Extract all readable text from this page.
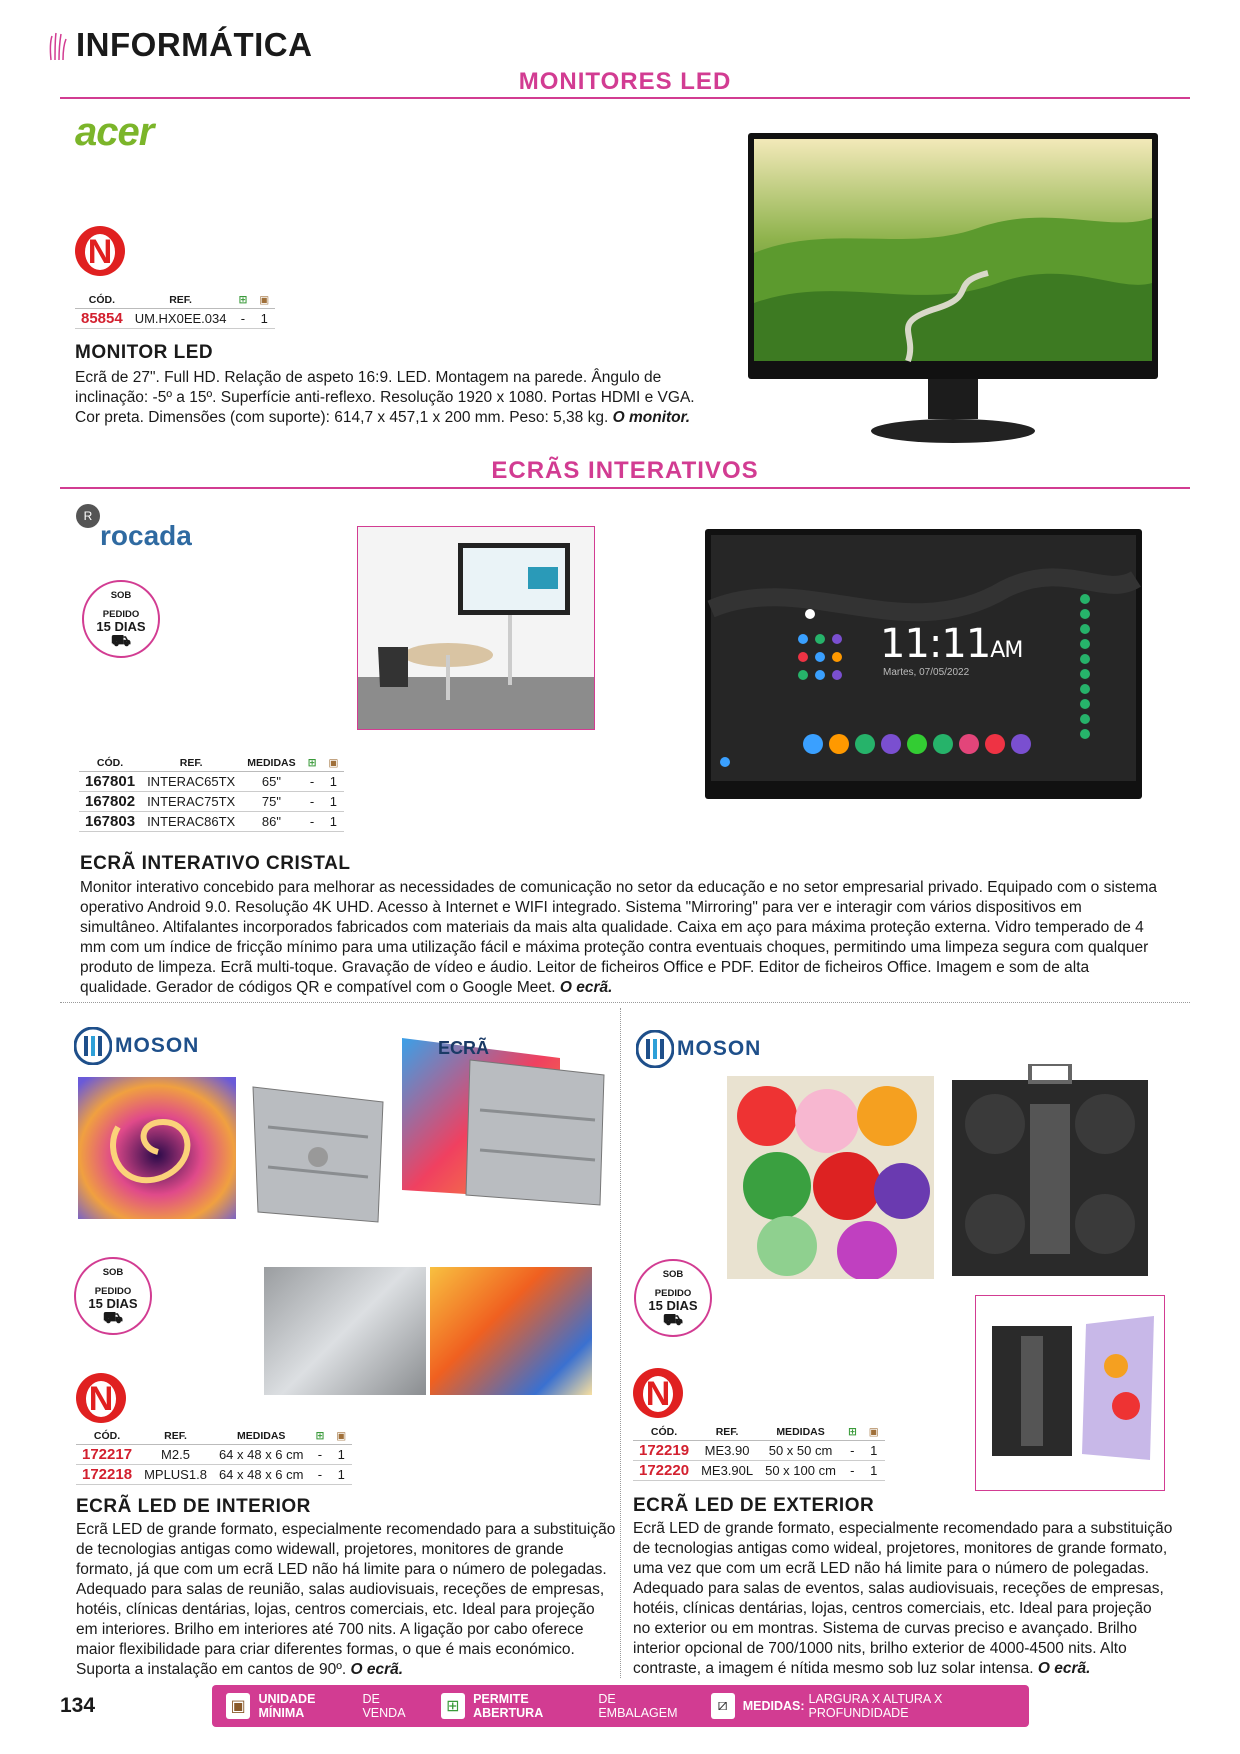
INFORMÁTICA
MONITORES LED
acer
N
CÓD.	REF.	⊞	▣
85854	UM.HX0EE.034	-	1
MONITOR LED
Ecrã de 27". Full HD. Relação de aspeto 16:9. LED. Montagem na parede. Ângulo de inclinação: -5º a 15º. Superfície anti-reflexo. Resolução 1920 x 1080. Portas HDMI e VGA. Cor preta. Dimensões (com suporte): 614,7 x 457,1 x 200 mm. Peso: 5,38 kg. O monitor.
ECRÃS INTERATIVOS
R
rocada
SOB
PEDIDO
15 DIAS
⛟	11:11AM
Martes, 07/05/2022
CÓD.	REF.	MEDIDAS	⊞	▣
167801	INTERAC65TX	65"	-	1
167802	INTERAC75TX	75"	-	1
167803	INTERAC86TX	86"	-	1
ECRÃ INTERATIVO CRISTAL
Monitor interativo concebido para melhorar as necessidades de comunicação no setor da educação e no setor empresarial privado. Equipado com o sistema operativo Android 9.0. Resolução 4K UHD. Acesso à Internet e WIFI integrado. Sistema "Mirroring" para ver e interagir com vários dispositivos em simultâneo. Altifalantes incorporados fabricados com materiais da mais alta qualidade. Caixa em aço para máxima proteção externa. Vidro temperado de 4 mm com um índice de fricção mínimo para uma utilização fácil e máxima proteção contra eventuais choques, permitindo uma limpeza segura com qualquer produto de limpeza. Ecrã multi-toque. Gravação de vídeo e áudio. Leitor de ficheiros Office e PDF. Editor de ficheiros Office. Imagem e som de alta qualidade. Gerador de códigos QR e compatível com o Google Meet. O ecrã.
MOSON	ECRÃ
SOB
PEDIDO
15 DIAS
⛟
N
CÓD.	REF.	MEDIDAS	⊞	▣
172217	M2.5	64 x 48 x 6 cm	-	1
172218	MPLUS1.8	64 x 48 x 6 cm	-	1
ECRÃ LED DE INTERIOR
Ecrã LED de grande formato, especialmente recomendado para a substituição de tecnologias antigas como widewall, projetores, monitores de grande formato, já que com um ecrã LED não há limite para o número de polegadas. Adequado para salas de reunião, salas audiovisuais, receções de empresas, hotéis, clínicas dentárias, lojas, centros comerciais, etc. Ideal para projeção em interiores. Brilho em interiores até 700 nits. A ligação por cabo oferece maior flexibilidade para criar diferentes formas, o que é mais económico. Suporta a instalação em cantos de 90º. O ecrã.
MOSON
SOB
PEDIDO
15 DIAS
⛟
N
CÓD.	REF.	MEDIDAS	⊞	▣
172219	ME3.90	50 x 50 cm	-	1
172220	ME3.90L	50 x 100 cm	-	1
ECRÃ LED DE EXTERIOR
Ecrã LED de grande formato, especialmente recomendado para a substituição de tecnologias antigas como wideal, projetores, monitores de grande formato, uma vez que com um ecrã LED não há limite para o número de polegadas. Adequado para salas de eventos, salas audiovisuais, receções de empresas, hotéis, clínicas dentárias, lojas, centros comerciais, etc. Ideal para projeção no exterior ou em montras. Sistema de curvas preciso e avançado. Brilho interior opcional de 700/1000 nits, brilho exterior de 4000-4500 nits. Alto contraste, a imagem é nítida mesmo sob luz solar intensa. O ecrã.
134	▣	UNIDADE MÍNIMA
DE VENDA	⊞	PERMITE ABERTURA
DE EMBALAGEM	⧄	MEDIDAS: LARGURA X ALTURA X PROFUNDIDADE
